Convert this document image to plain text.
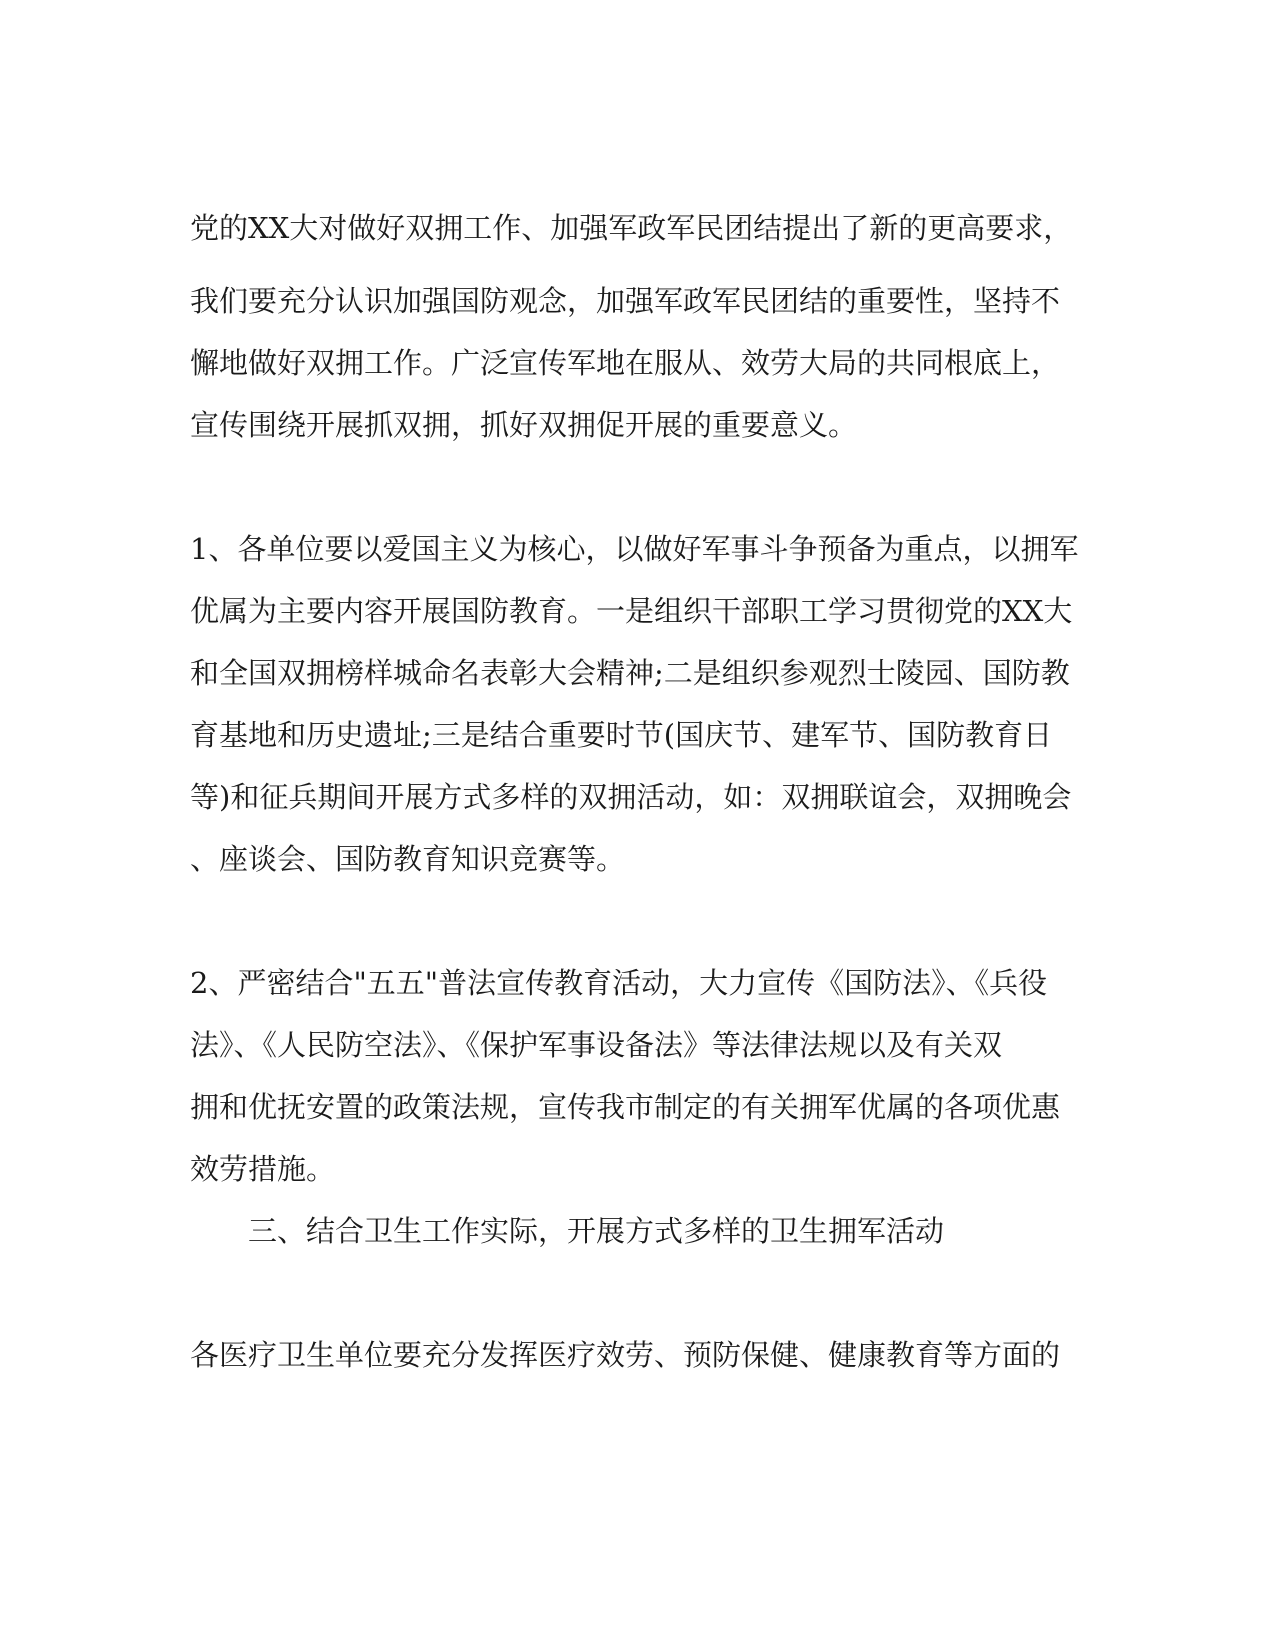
党的XX大对做好双拥工作、加强军政军民团结提出了新的更高要求，

我们要充分认识加强国防观念，加强军政军民团结的重要性，坚持不

懈地做好双拥工作。广泛宣传军地在服从、效劳大局的共同根底上，

宣传围绕开展抓双拥，抓好双拥促开展的重要意义。

1、各单位要以爱国主义为核心，以做好军事斗争预备为重点，以拥军

优属为主要内容开展国防教育。一是组织干部职工学习贯彻党的XX大

和全国双拥榜样城命名表彰大会精神;二是组织参观烈士陵园、国防教

育基地和历史遗址;三是结合重要时节(国庆节、建军节、国防教育日

等)和征兵期间开展方式多样的双拥活动，如：双拥联谊会，双拥晚会

、座谈会、国防教育知识竞赛等。

2、严密结合"五五"普法宣传教育活动，大力宣传《国防法》、《兵役

法》、《人民防空法》、《保护军事设备法》等法律法规以及有关双

拥和优抚安置的政策法规，宣传我市制定的有关拥军优属的各项优惠

效劳措施。

三、结合卫生工作实际，开展方式多样的卫生拥军活动

各医疗卫生单位要充分发挥医疗效劳、预防保健、健康教育等方面的
